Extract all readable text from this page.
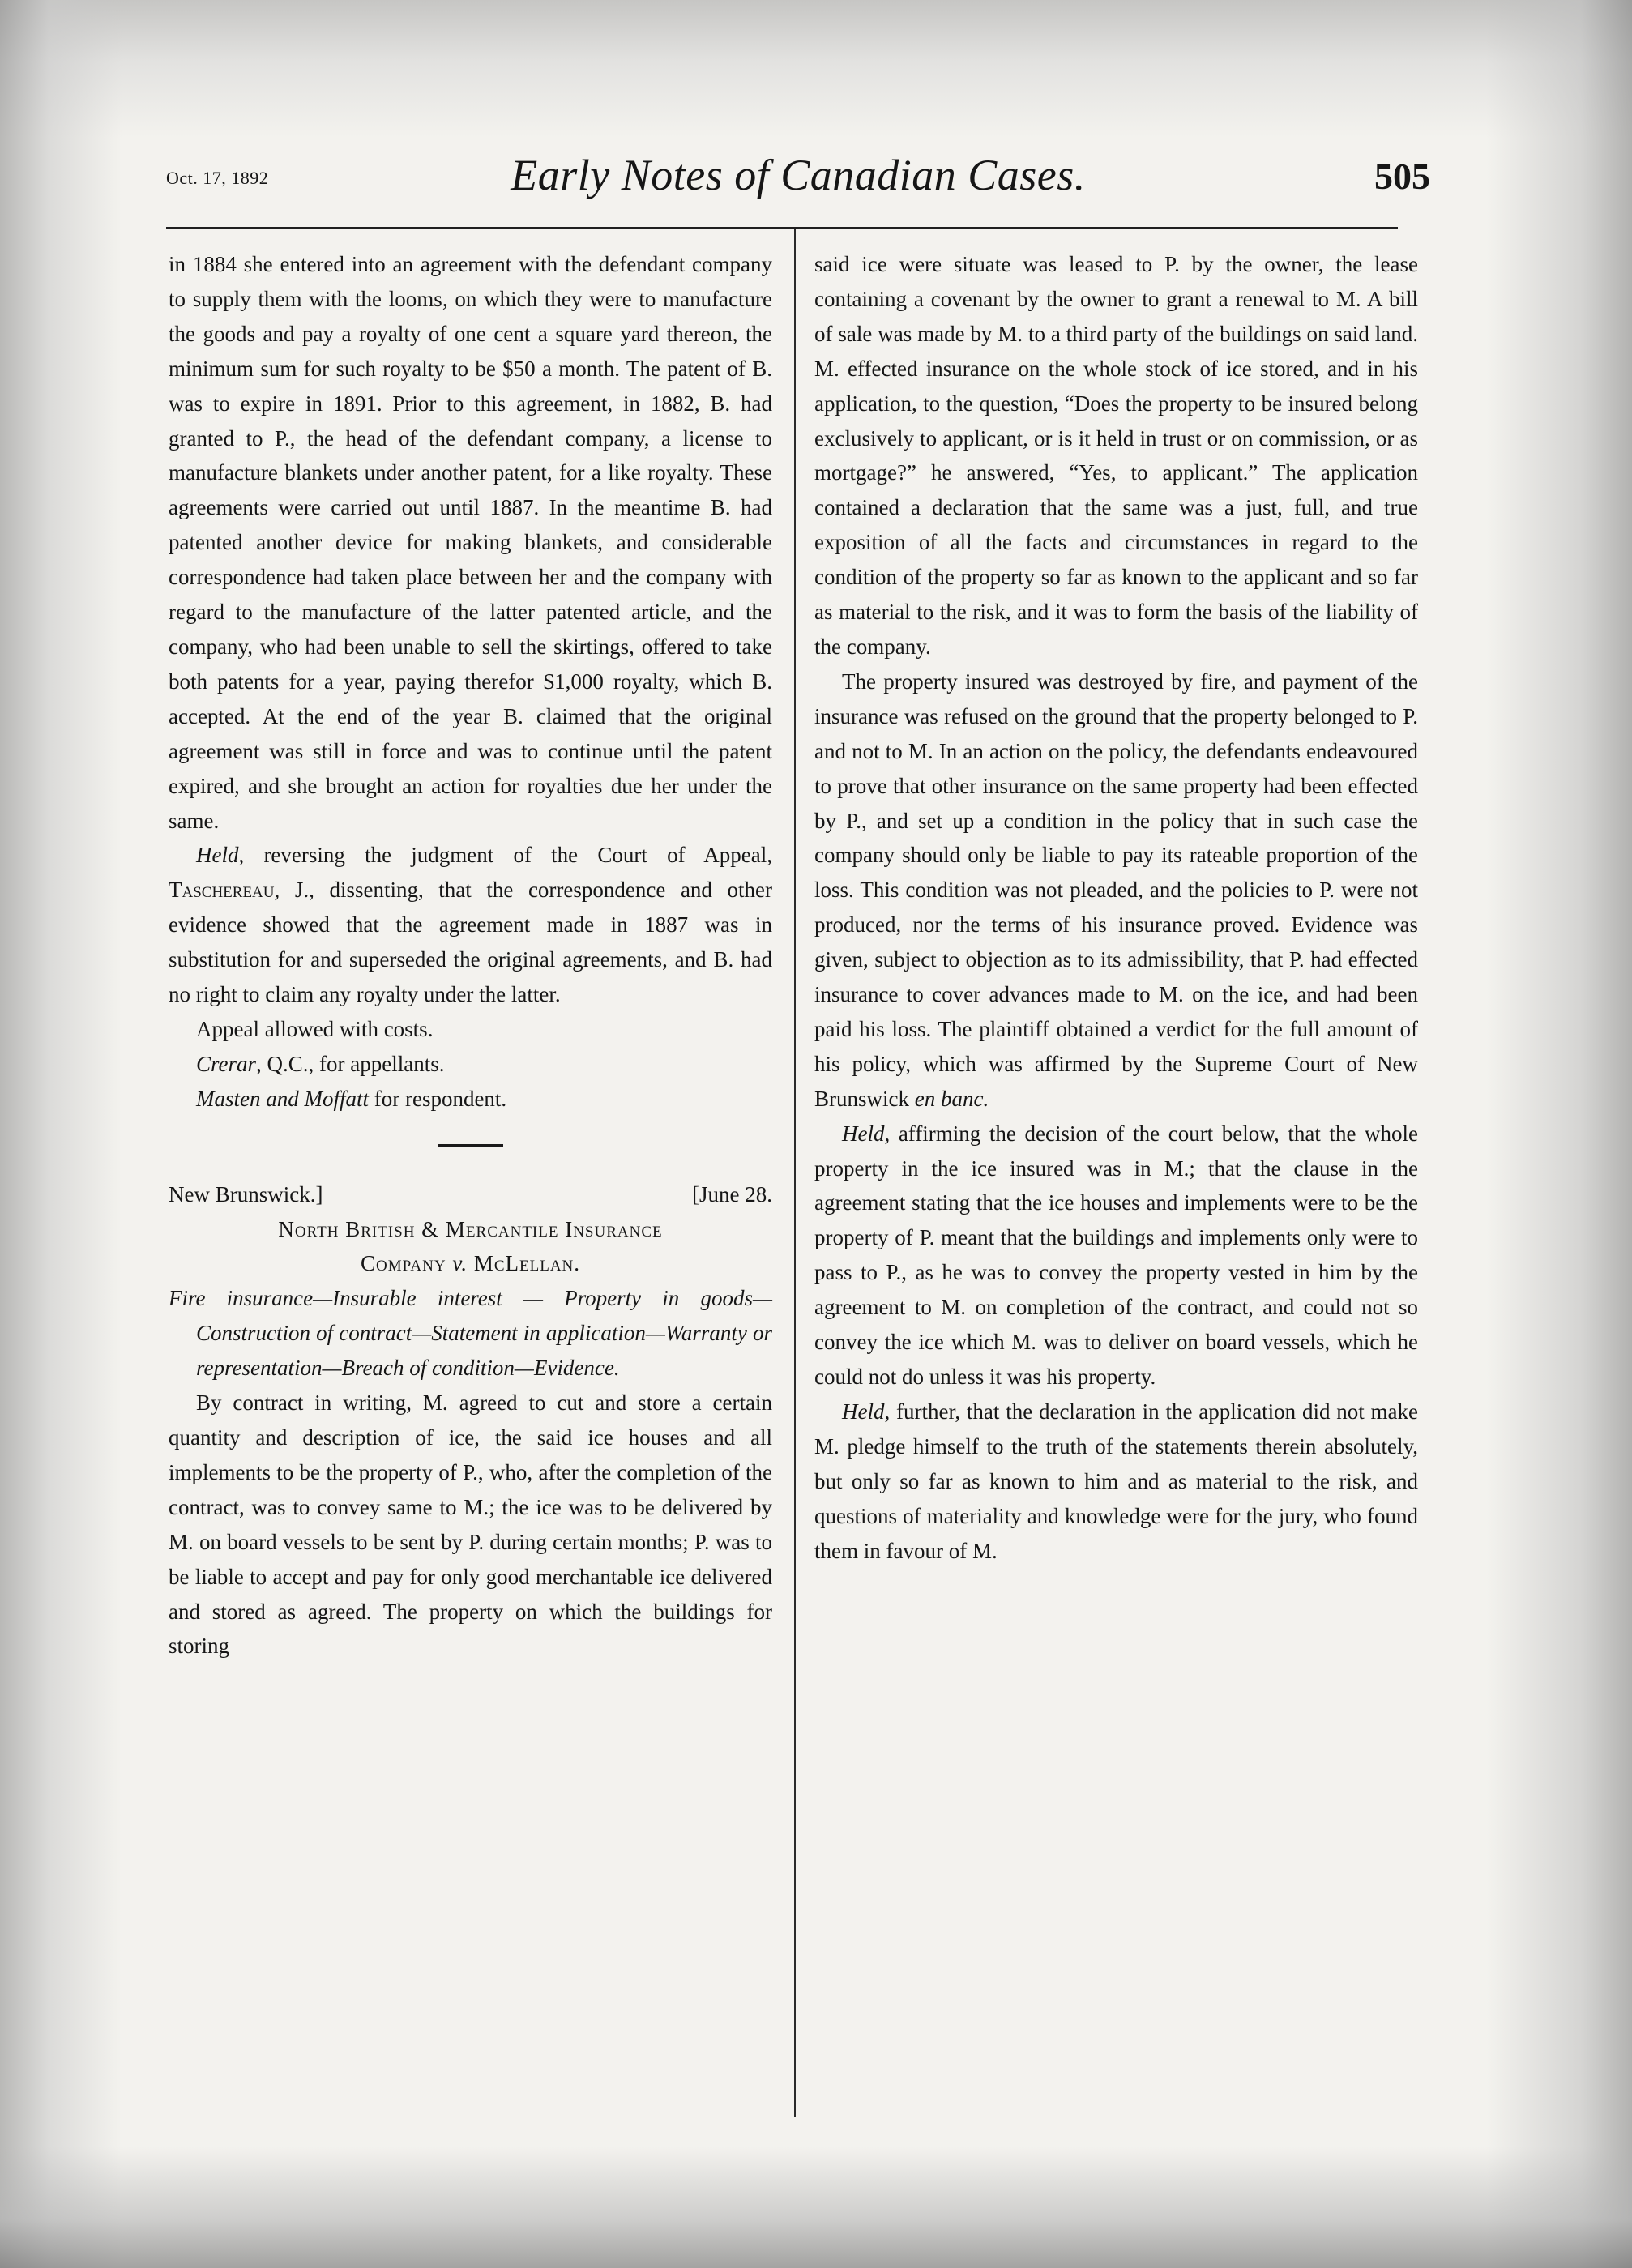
Oct. 17, 1892	Early Notes of Canadian Cases.	505

in 1884 she entered into an agreement with the defendant company to supply them with the looms, on which they were to manufacture the goods and pay a royalty of one cent a square yard thereon, the minimum sum for such royalty to be $50 a month. The patent of B. was to expire in 1891. Prior to this agreement, in 1882, B. had granted to P., the head of the defendant company, a license to manufacture blankets under another patent, for a like royalty. These agreements were carried out until 1887. In the meantime B. had patented another device for making blankets, and considerable correspondence had taken place between her and the company with regard to the manufacture of the latter patented article, and the company, who had been unable to sell the skirtings, offered to take both patents for a year, paying therefor $1,000 royalty, which B. accepted. At the end of the year B. claimed that the original agreement was still in force and was to continue until the patent expired, and she brought an action for royalties due her under the same.

Held, reversing the judgment of the Court of Appeal, Taschereau, J., dissenting, that the correspondence and other evidence showed that the agreement made in 1887 was in substitution for and superseded the original agreements, and B. had no right to claim any royalty under the latter.

Appeal allowed with costs.

Crerar, Q.C., for appellants.

Masten and Moffatt for respondent.

New Brunswick.]	[June 28.

North British & Mercantile Insurance

Company v. McLellan.

Fire insurance—Insurable interest — Property in goods—Construction of contract—Statement in application—Warranty or representation—Breach of condition—Evidence.

By contract in writing, M. agreed to cut and store a certain quantity and description of ice, the said ice houses and all implements to be the property of P., who, after the completion of the contract, was to convey same to M.; the ice was to be delivered by M. on board vessels to be sent by P. during certain months; P. was to be liable to accept and pay for only good merchantable ice delivered and stored as agreed. The property on which the buildings for storing

said ice were situate was leased to P. by the owner, the lease containing a covenant by the owner to grant a renewal to M. A bill of sale was made by M. to a third party of the buildings on said land. M. effected insurance on the whole stock of ice stored, and in his application, to the question, “Does the property to be insured belong exclusively to applicant, or is it held in trust or on commission, or as mortgage?” he answered, “Yes, to applicant.” The application contained a declaration that the same was a just, full, and true exposition of all the facts and circumstances in regard to the condition of the property so far as known to the applicant and so far as material to the risk, and it was to form the basis of the liability of the company.

The property insured was destroyed by fire, and payment of the insurance was refused on the ground that the property belonged to P. and not to M. In an action on the policy, the defendants endeavoured to prove that other insurance on the same property had been effected by P., and set up a condition in the policy that in such case the company should only be liable to pay its rateable proportion of the loss. This condition was not pleaded, and the policies to P. were not produced, nor the terms of his insurance proved. Evidence was given, subject to objection as to its admissibility, that P. had effected insurance to cover advances made to M. on the ice, and had been paid his loss. The plaintiff obtained a verdict for the full amount of his policy, which was affirmed by the Supreme Court of New Brunswick en banc.

Held, affirming the decision of the court below, that the whole property in the ice insured was in M.; that the clause in the agreement stating that the ice houses and implements were to be the property of P. meant that the buildings and implements only were to pass to P., as he was to convey the property vested in him by the agreement to M. on completion of the contract, and could not so convey the ice which M. was to deliver on board vessels, which he could not do unless it was his property.

Held, further, that the declaration in the application did not make M. pledge himself to the truth of the statements therein absolutely, but only so far as known to him and as material to the risk, and questions of materiality and knowledge were for the jury, who found them in favour of M.
